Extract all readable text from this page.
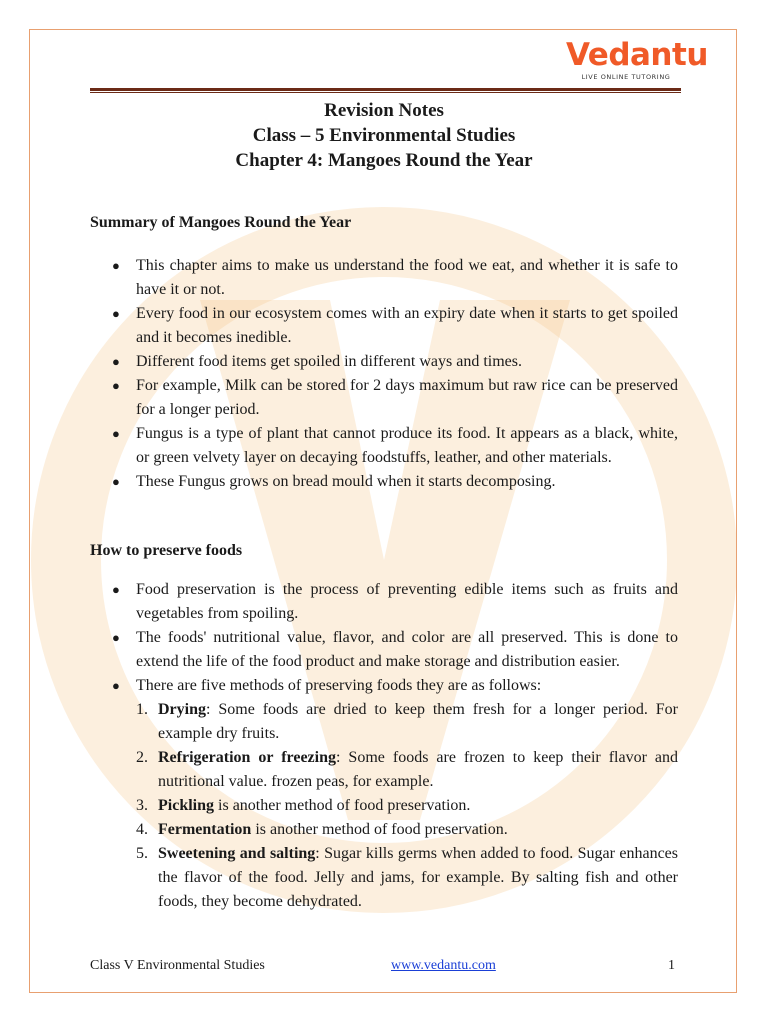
Vedantu
LIVE ONLINE TUTORING
Revision Notes
Class – 5 Environmental Studies
Chapter 4: Mangoes Round the Year
Summary of Mangoes Round the Year
● This chapter aims to make us understand the food we eat, and whether it is safe to have it or not.
● Every food in our ecosystem comes with an expiry date when it starts to get spoiled and it becomes inedible.
● Different food items get spoiled in different ways and times.
● For example, Milk can be stored for 2 days maximum but raw rice can be preserved for a longer period.
● Fungus is a type of plant that cannot produce its food. It appears as a black, white, or green velvety layer on decaying foodstuffs, leather, and other materials.
● These Fungus grows on bread mould when it starts decomposing.
How to preserve foods
● Food preservation is the process of preventing edible items such as fruits and vegetables from spoiling.
● The foods' nutritional value, flavor, and color are all preserved. This is done to extend the life of the food product and make storage and distribution easier.
● There are five methods of preserving foods they are as follows:
1. Drying: Some foods are dried to keep them fresh for a longer period. For example dry fruits.
2. Refrigeration or freezing: Some foods are frozen to keep their flavor and nutritional value. frozen peas, for example.
3. Pickling is another method of food preservation.
4. Fermentation is another method of food preservation.
5. Sweetening and salting: Sugar kills germs when added to food. Sugar enhances the flavor of the food. Jelly and jams, for example. By salting fish and other foods, they become dehydrated.
Class V Environmental Studies	www.vedantu.com	1
